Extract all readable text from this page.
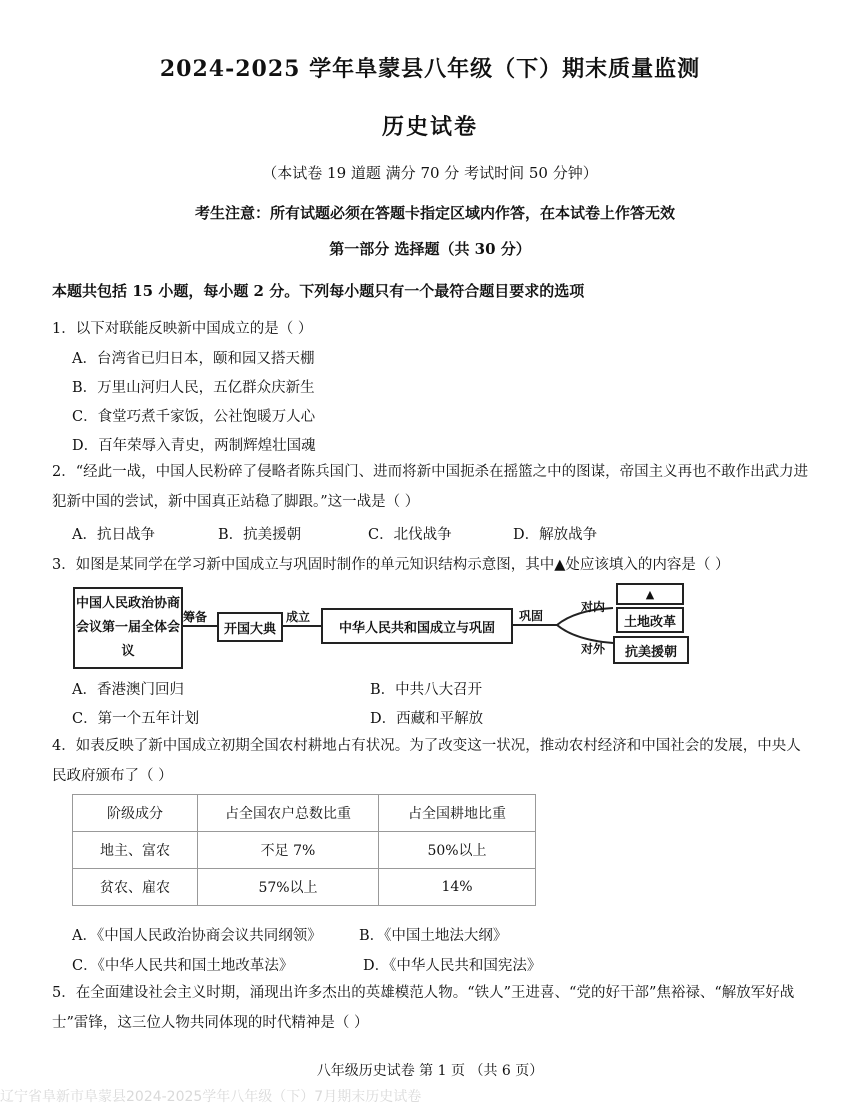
2024-2025 学年阜蒙县八年级（下）期末质量监测
历史试卷
（本试卷 19 道题 满分 70 分 考试时间 50 分钟）
考生注意：所有试题必须在答题卡指定区域内作答，在本试卷上作答无效
第一部分 选择题（共 30 分）
本题共包括 15 小题，每小题 2 分。下列每小题只有一个最符合题目要求的选项
1．以下对联能反映新中国成立的是（ ）
A．台湾省已归日本，颐和园又搭天棚
B．万里山河归人民，五亿群众庆新生
C．食堂巧煮千家饭，公社饱暖万人心
D．百年荣辱入青史，两制辉煌壮国魂
2．“经此一战，中国人民粉碎了侵略者陈兵国门、进而将新中国扼杀在摇篮之中的图谋，帝国主义再也不敢作出武力进犯新中国的尝试，新中国真正站稳了脚跟。”这一战是（ ）
A．抗日战争	B．抗美援朝	C．北伐战争	D．解放战争
3．如图是某同学在学习新中国成立与巩固时制作的单元知识结构示意图，其中▲处应该填入的内容是（ ）
中国人民政治协商会议第一届全体会议
筹备
开国大典
成立
中华人民共和国成立与巩固
巩固
对内
对外
▲
土地改革
抗美援朝
A．香港澳门回归	B．中共八大召开
C．第一个五年计划	D．西藏和平解放
4．如表反映了新中国成立初期全国农村耕地占有状况。为了改变这一状况，推动农村经济和中国社会的发展，中央人民政府颁布了（ ）
阶级成分	占全国农户总数比重	占全国耕地比重
地主、富农	不足 7%	50%以上
贫农、雇农	57%以上	14%
A．《中国人民政治协商会议共同纲领》	B．《中国土地法大纲》
C．《中华人民共和国土地改革法》	D．《中华人民共和国宪法》
5．在全面建设社会主义时期，涌现出许多杰出的英雄模范人物。“铁人”王进喜、“党的好干部”焦裕禄、“解放军好战士”雷锋，这三位人物共同体现的时代精神是（ ）
八年级历史试卷 第 1 页 （共 6 页）
辽宁省阜新市阜蒙县2024-2025学年八年级（下）7月期末历史试卷
